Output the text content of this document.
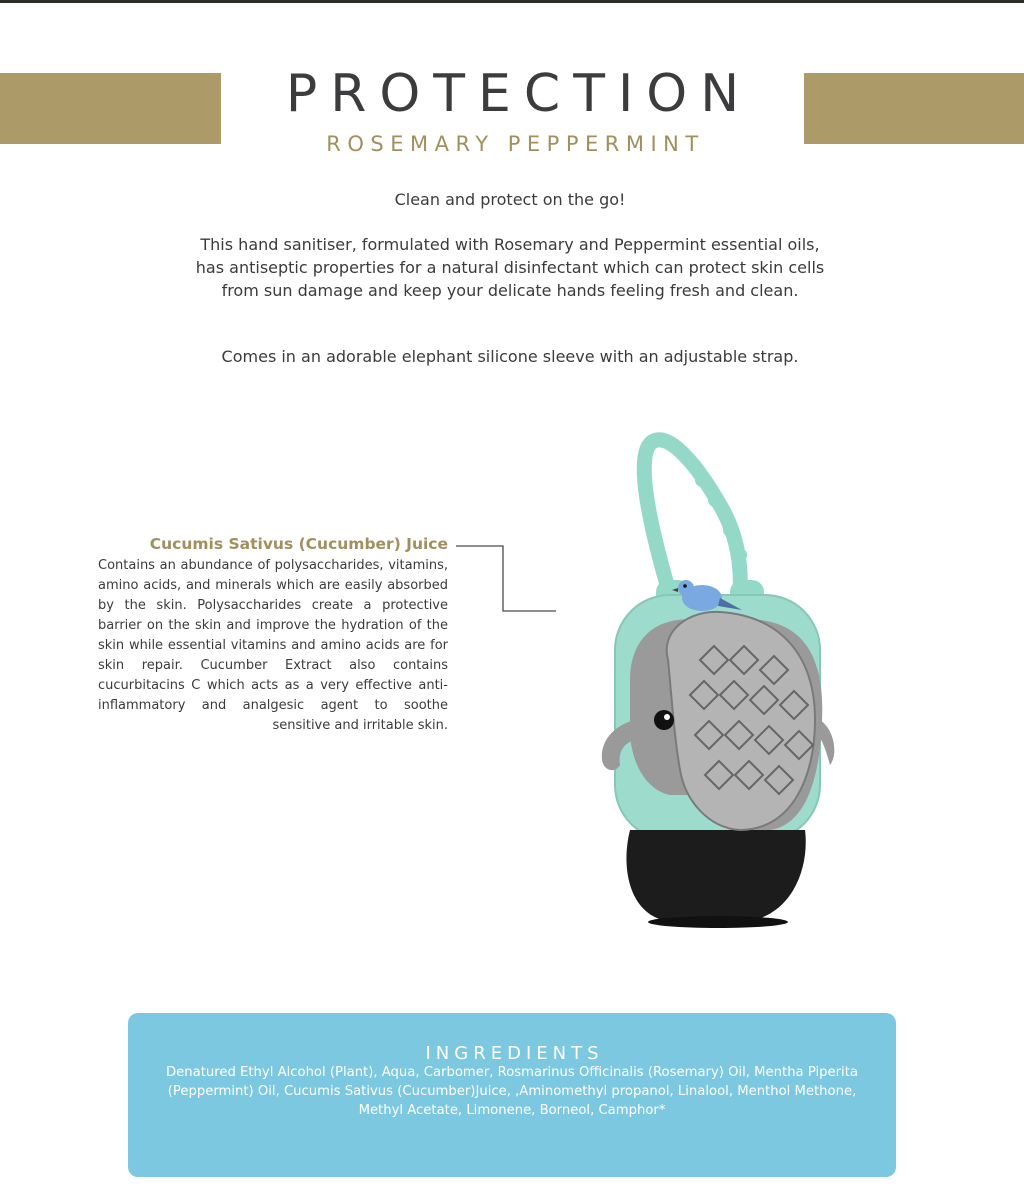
PROTECTION
ROSEMARY PEPPERMINT
Clean and protect on the go!
This hand sanitiser, formulated with Rosemary and Peppermint essential oils, has antiseptic properties for a natural disinfectant which can protect skin cells from sun damage and keep your delicate hands feeling fresh and clean.
Comes in an adorable elephant silicone sleeve with an adjustable strap.
Cucumis Sativus (Cucumber) Juice
Contains an abundance of polysaccharides, vitamins, amino acids, and minerals which are easily absorbed by the skin. Polysaccharides create a protective barrier on the skin and improve the hydration of the skin while essential vitamins and amino acids are for skin repair. Cucumber Extract also contains cucurbitacins C which acts as a very effective anti-inflammatory and analgesic agent to soothe sensitive and irritable skin.
INGREDIENTS
Denatured Ethyl Alcohol (Plant), Aqua, Carbomer, Rosmarinus Officinalis (Rosemary) Oil, Mentha Piperita (Peppermint) Oil, Cucumis Sativus (Cucumber)Juice, ,Aminomethyl propanol, Linalool, Menthol Methone, Methyl Acetate, Limonene, Borneol, Camphor*
